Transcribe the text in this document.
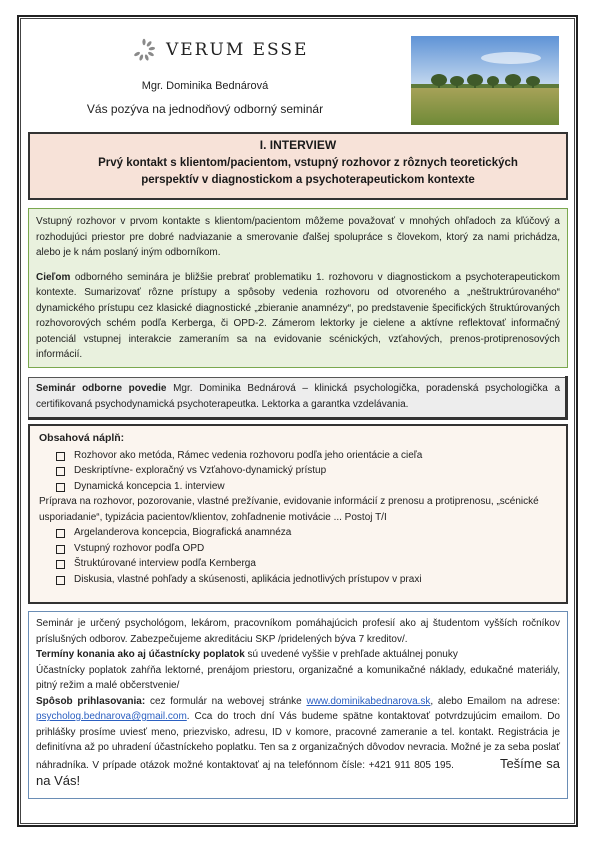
VERUM ESSE
Mgr. Dominika Bednárová
Vás pozýva na jednodňový odborný seminár
I. INTERVIEW
Prvý kontakt s klientom/pacientom, vstupný rozhovor z rôznych teoretických perspektív v diagnostickom a psychoterapeutickom kontexte

Vstupný rozhovor v prvom kontakte s klientom/pacientom môžeme považovať v mnohých ohľadoch za kľúčový a rozhodujúci priestor pre dobré nadviazanie a smerovanie ďalšej spolupráce s človekom, ktorý za nami prichádza, alebo je k nám poslaný iným odborníkom.

Cieľom odborného seminára je bližšie prebrať problematiku 1. rozhovoru v diagnostickom a psychoterapeutickom kontexte. Sumarizovať rôzne prístupy a spôsoby vedenia rozhovoru od otvoreného a „neštruktrúrovaného“ dynamického prístupu cez klasické diagnostické „zbieranie anamnézy“, po predstavenie špecifických štruktúrovaných rozhovorových schém podľa Kerberga, či OPD-2. Zámerom lektorky je cielene a aktívne reflektovať informačný potenciál vstupnej interakcie zameraním sa na evidovanie scénických, vzťahových, prenos-protiprenosových informácií.

Seminár odborne povedie Mgr. Dominika Bednárová – klinická psychologička, poradenská psychologička a certifikovaná psychodynamická psychoterapeutka. Lektorka a garantka vzdelávania.
Obsahová náplň:
Rozhovor ako metóda, Rámec vedenia rozhovoru podľa jeho orientácie a cieľa
Deskriptívne- exploračný vs Vzťahovo-dynamický prístup
Dynamická koncepcia 1. interview

Príprava na rozhovor, pozorovanie, vlastné prežívanie, evidovanie informácií z prenosu a protiprenosu, „scénické usporiadanie“, typizácia pacientov/klientov, zohľadnenie motivácie ... Postoj T/I

Argelanderova koncepcia, Biografická anamnéza
Vstupný rozhovor podľa OPD
Štruktúrované interview podľa Kernberga
Diskusia, vlastné pohľady a skúsenosti, aplikácia jednotlivých prístupov v praxi

Seminár je určený psychológom, lekárom, pracovníkom pomáhajúcich profesií ako aj študentom vyšších ročníkov príslušných odborov. Zabezpečujeme akreditáciu SKP /pridelených býva 7 kreditov/.

Termíny konania ako aj účastnícky poplatok sú uvedené vyššie v prehľade aktuálnej ponuky

Účastnícky poplatok zahŕňa lektorné, prenájom priestoru, organizačné a komunikačné náklady, edukačné materiály, pitný režim a malé občerstvenie/

Spôsob prihlasovania: cez formulár na webovej stránke www.dominikabednarova.sk, alebo Emailom na adrese: psycholog.bednarova@gmail.com. Cca do troch dní Vás budeme spätne kontaktovať potvrdzujúcim emailom. Do prihlášky prosíme uviesť meno, priezvisko, adresu, ID v komore, pracovné zameranie a tel. kontakt. Registrácia je definitívna až po uhradení účastníckeho poplatku. Ten sa z organizačných dôvodov nevracia. Možné je za seba poslať náhradníka. V prípade otázok možné kontaktovať aj na telefónnom čísle: +421 911 805 195.	Tešíme sa na Vás!
